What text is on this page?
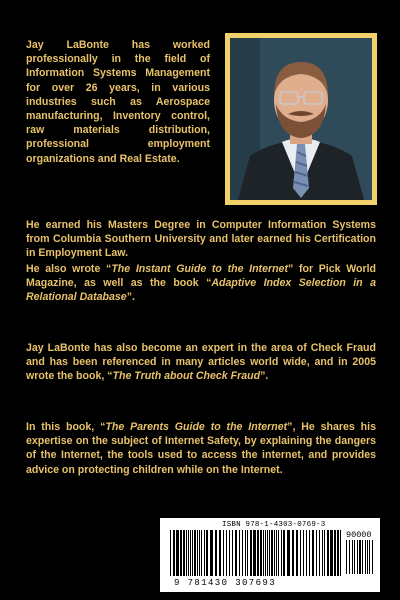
Jay LaBonte has worked professionally in the field of Information Systems Management for over 26 years, in various industries such as Aerospace manufacturing, Inventory control, raw materials distribution, professional employment organizations and Real Estate.
He earned his Masters Degree in Computer Information Systems from Columbia Southern University and later earned his Certification in Employment Law.
He also wrote “The Instant Guide to the Internet” for Pick World Magazine, as well as the book “Adaptive Index Selection in a Relational Database”.
Jay LaBonte has also become an expert in the area of Check Fraud and has been referenced in many articles world wide, and in 2005 wrote the book, “The Truth about Check Fraud”.
In this book, “The Parents Guide to the Internet”, He shares his expertise on the subject of Internet Safety, by explaining the dangers of the Internet, the tools used to access the internet, and provides advice on protecting children while on the Internet.
ISBN 978-1-4303-0769-3
90000
9 781430 307693
